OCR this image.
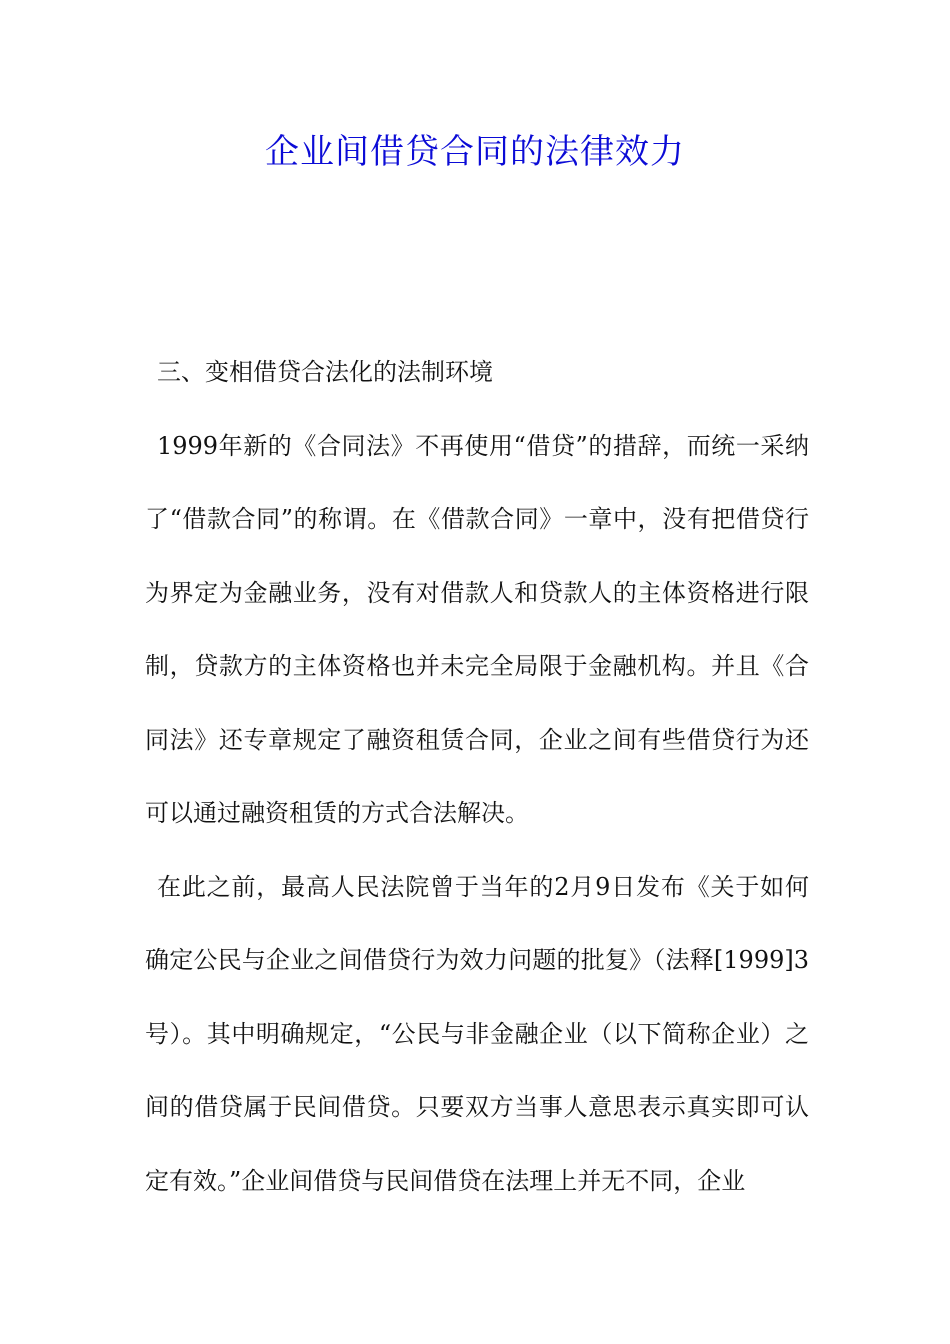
企业间借贷合同的法律效力

三、变相借贷合法化的法制环境

1999年新的《合同法》不再使用“借贷”的措辞，而统一采纳了“借款合同”的称谓。在《借款合同》一章中，没有把借贷行为界定为金融业务，没有对借款人和贷款人的主体资格进行限制，贷款方的主体资格也并未完全局限于金融机构。并且《合同法》还专章规定了融资租赁合同，企业之间有些借贷行为还可以通过融资租赁的方式合法解决。

在此之前，最高人民法院曾于当年的2月9日发布《关于如何确定公民与企业之间借贷行为效力问题的批复》（法释[1999]3号）。其中明确规定，“公民与非金融企业（以下简称企业）之间的借贷属于民间借贷。只要双方当事人意思表示真实即可认定有效。”企业间借贷与民间借贷在法理上并无不同，企业
